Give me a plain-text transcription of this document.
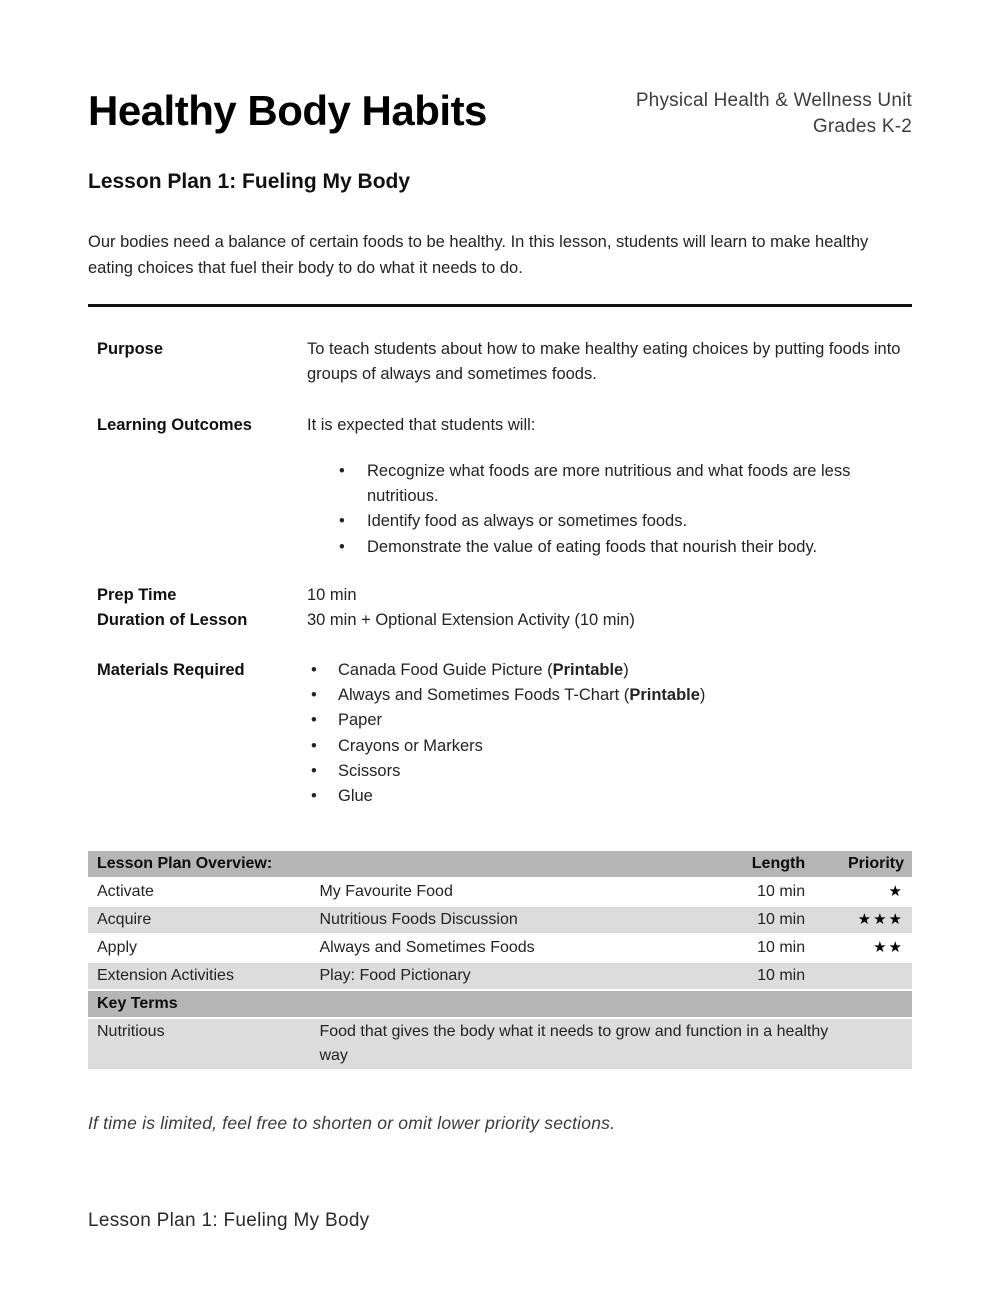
Healthy Body Habits	Physical Health & Wellness Unit
Grades K-2
Lesson Plan 1: Fueling My Body

Our bodies need a balance of certain foods to be healthy. In this lesson, students will learn to make healthy eating choices that fuel their body to do what it needs to do.

Purpose	To teach students about how to make healthy eating choices by putting foods into groups of always and sometimes foods.
Learning Outcomes	It is expected that students will:
• Recognize what foods are more nutritious and what foods are less nutritious.
• Identify food as always or sometimes foods.
• Demonstrate the value of eating foods that nourish their body.
Prep Time	10 min
Duration of Lesson	30 min + Optional Extension Activity (10 min)
Materials Required	• Canada Food Guide Picture (Printable)
• Always and Sometimes Foods T-Chart (Printable)
• Paper
• Crayons or Markers
• Scissors
• Glue
Lesson Plan Overview:		Length	Priority
Activate	My Favourite Food	10 min	★
Acquire	Nutritious Foods Discussion	10 min	★★★
Apply	Always and Sometimes Foods	10 min	★★
Extension Activities	Play: Food Pictionary	10 min	
Key Terms			
Nutritious	Food that gives the body what it needs to grow and function in a healthy way		

If time is limited, feel free to shorten or omit lower priority sections.

Lesson Plan 1: Fueling My Body
